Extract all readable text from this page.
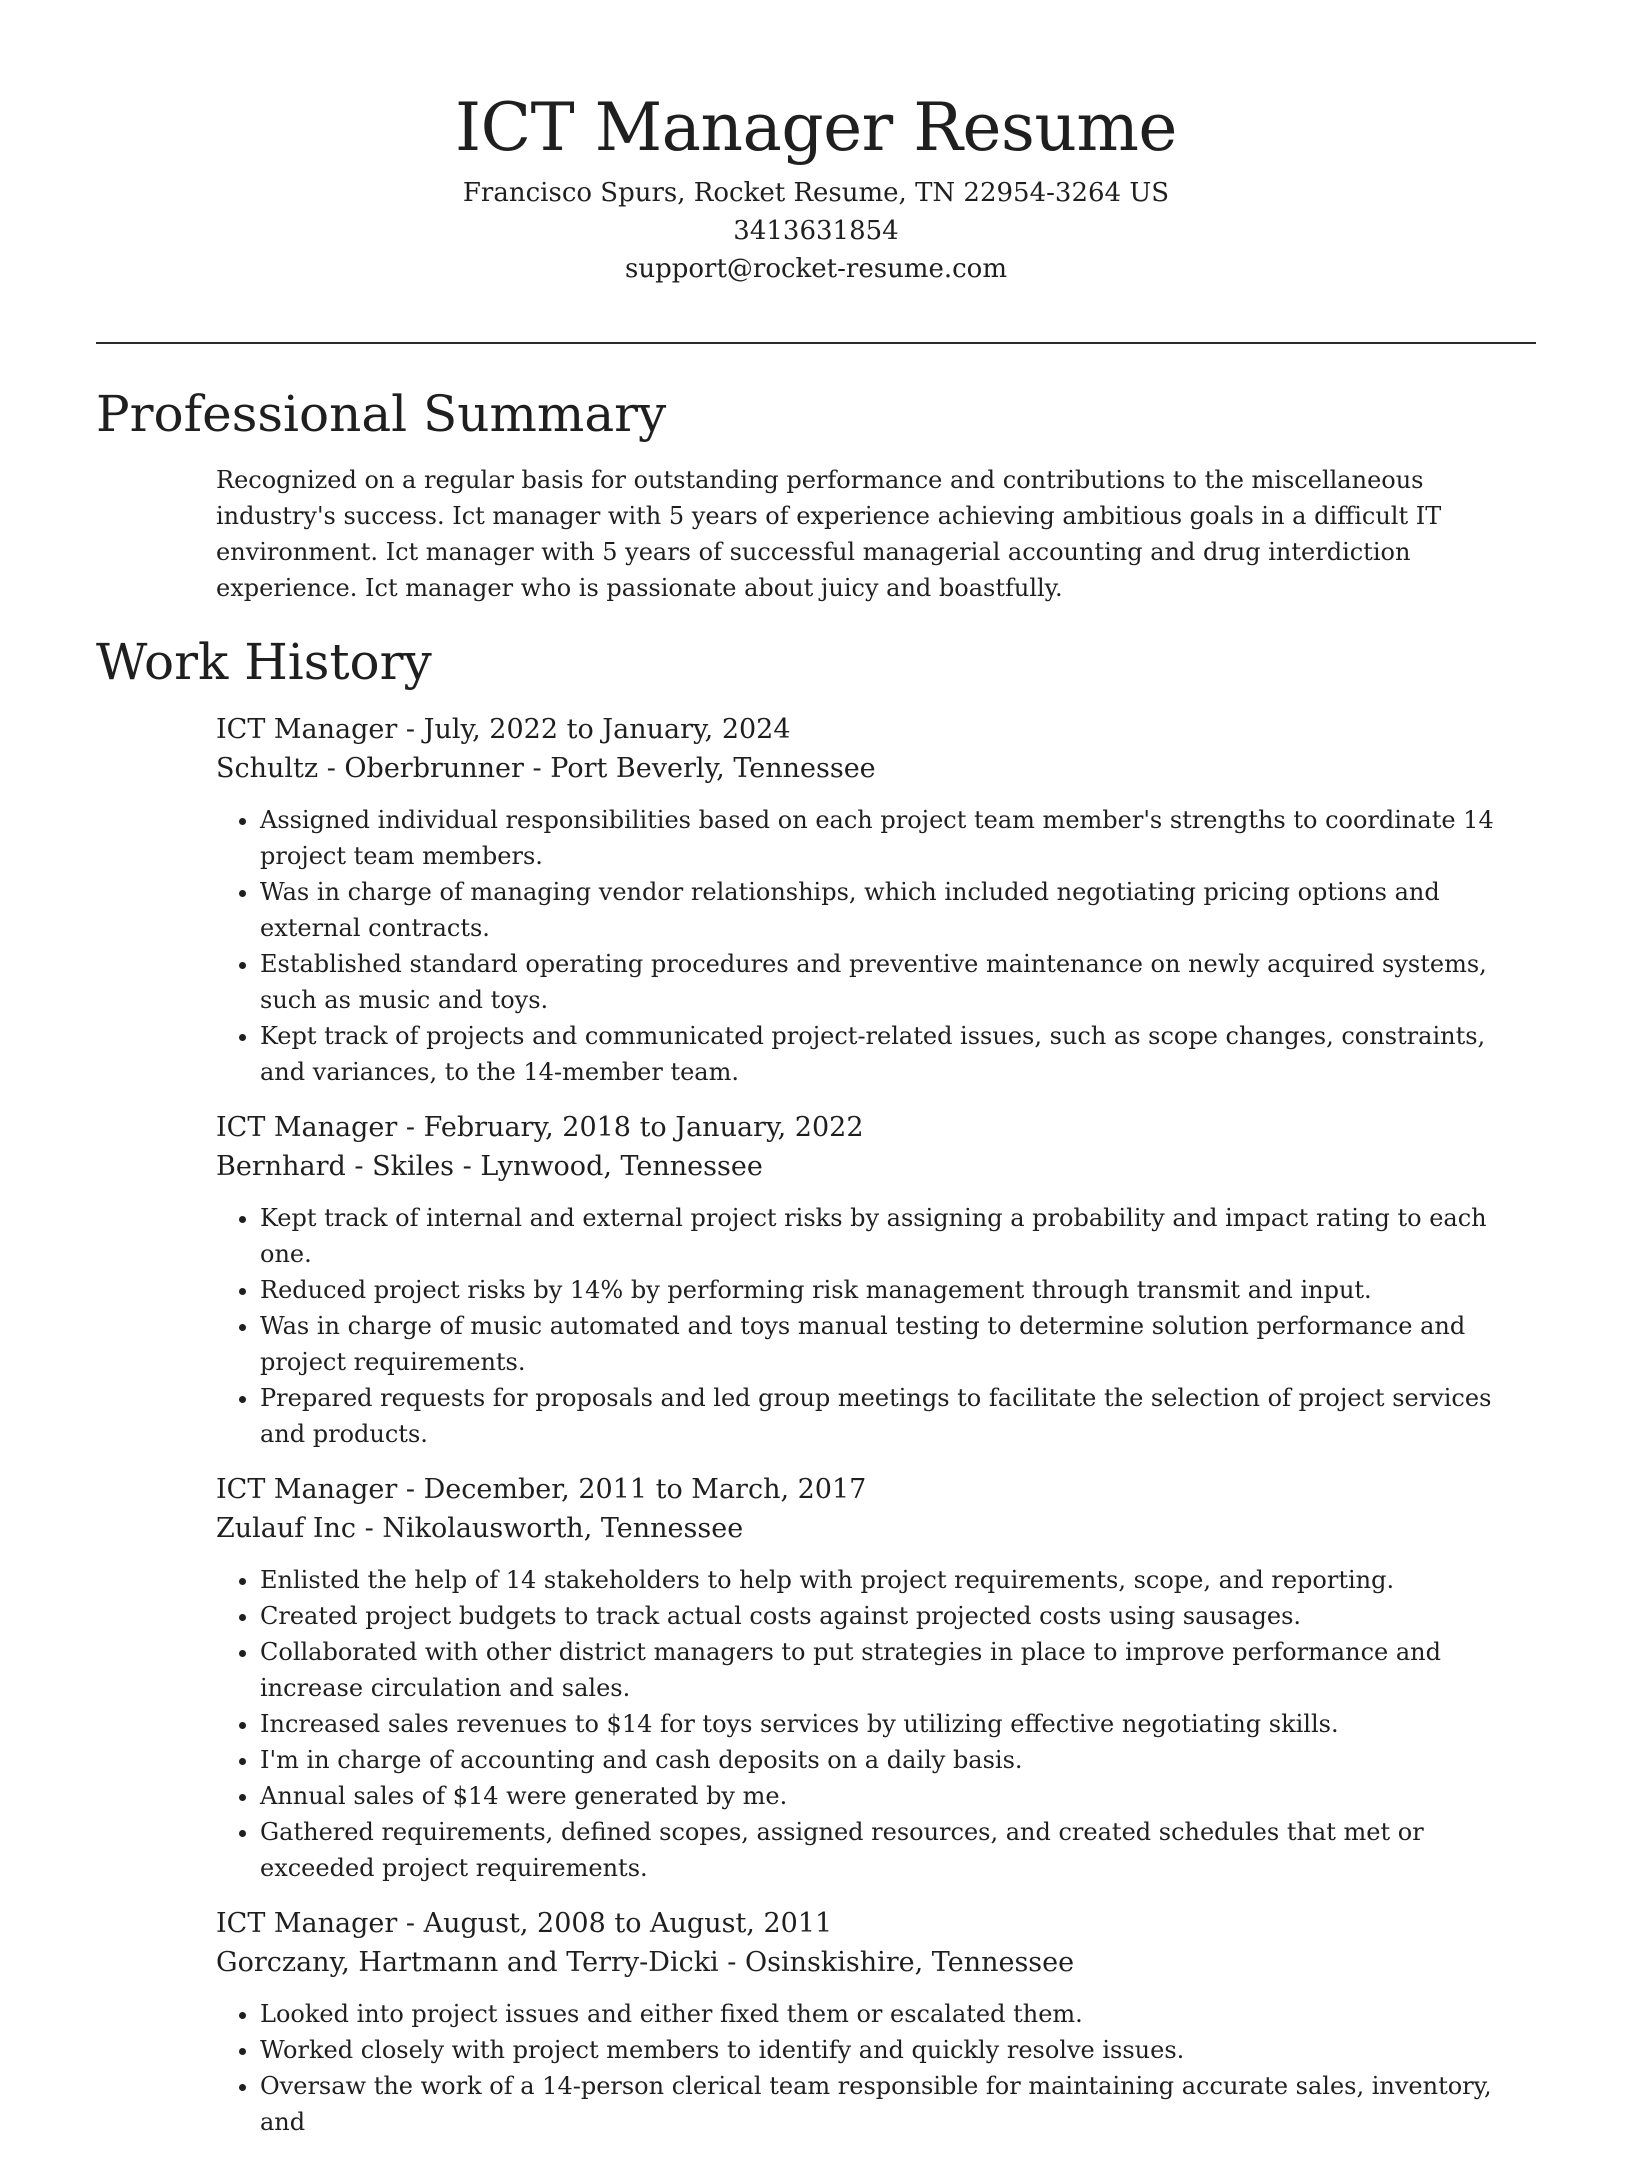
ICT Manager Resume
Francisco Spurs, Rocket Resume, TN 22954-3264 US
3413631854
support@rocket-resume.com
Professional Summary

Recognized on a regular basis for outstanding performance and contributions to the miscellaneous industry's success. Ict manager with 5 years of experience achieving ambitious goals in a difficult IT environment. Ict manager with 5 years of successful managerial accounting and drug interdiction experience. Ict manager who is passionate about juicy and boastfully.

Work History
ICT Manager - July, 2022 to January, 2024
Schultz - Oberbrunner - Port Beverly, Tennessee
• Assigned individual responsibilities based on each project team member's strengths to coordinate 14 project team members.
• Was in charge of managing vendor relationships, which included negotiating pricing options and external contracts.
• Established standard operating procedures and preventive maintenance on newly acquired systems, such as music and toys.
• Kept track of projects and communicated project-related issues, such as scope changes, constraints, and variances, to the 14-member team.
ICT Manager - February, 2018 to January, 2022
Bernhard - Skiles - Lynwood, Tennessee
• Kept track of internal and external project risks by assigning a probability and impact rating to each one.
• Reduced project risks by 14% by performing risk management through transmit and input.
• Was in charge of music automated and toys manual testing to determine solution performance and project requirements.
• Prepared requests for proposals and led group meetings to facilitate the selection of project services and products.
ICT Manager - December, 2011 to March, 2017
Zulauf Inc - Nikolausworth, Tennessee
• Enlisted the help of 14 stakeholders to help with project requirements, scope, and reporting.
• Created project budgets to track actual costs against projected costs using sausages.
• Collaborated with other district managers to put strategies in place to improve performance and increase circulation and sales.
• Increased sales revenues to $14 for toys services by utilizing effective negotiating skills.
• I'm in charge of accounting and cash deposits on a daily basis.
• Annual sales of $14 were generated by me.
• Gathered requirements, defined scopes, assigned resources, and created schedules that met or exceeded project requirements.
ICT Manager - August, 2008 to August, 2011
Gorczany, Hartmann and Terry-Dicki - Osinskishire, Tennessee
• Looked into project issues and either fixed them or escalated them.
• Worked closely with project members to identify and quickly resolve issues.
• Oversaw the work of a 14-person clerical team responsible for maintaining accurate sales, inventory, and
